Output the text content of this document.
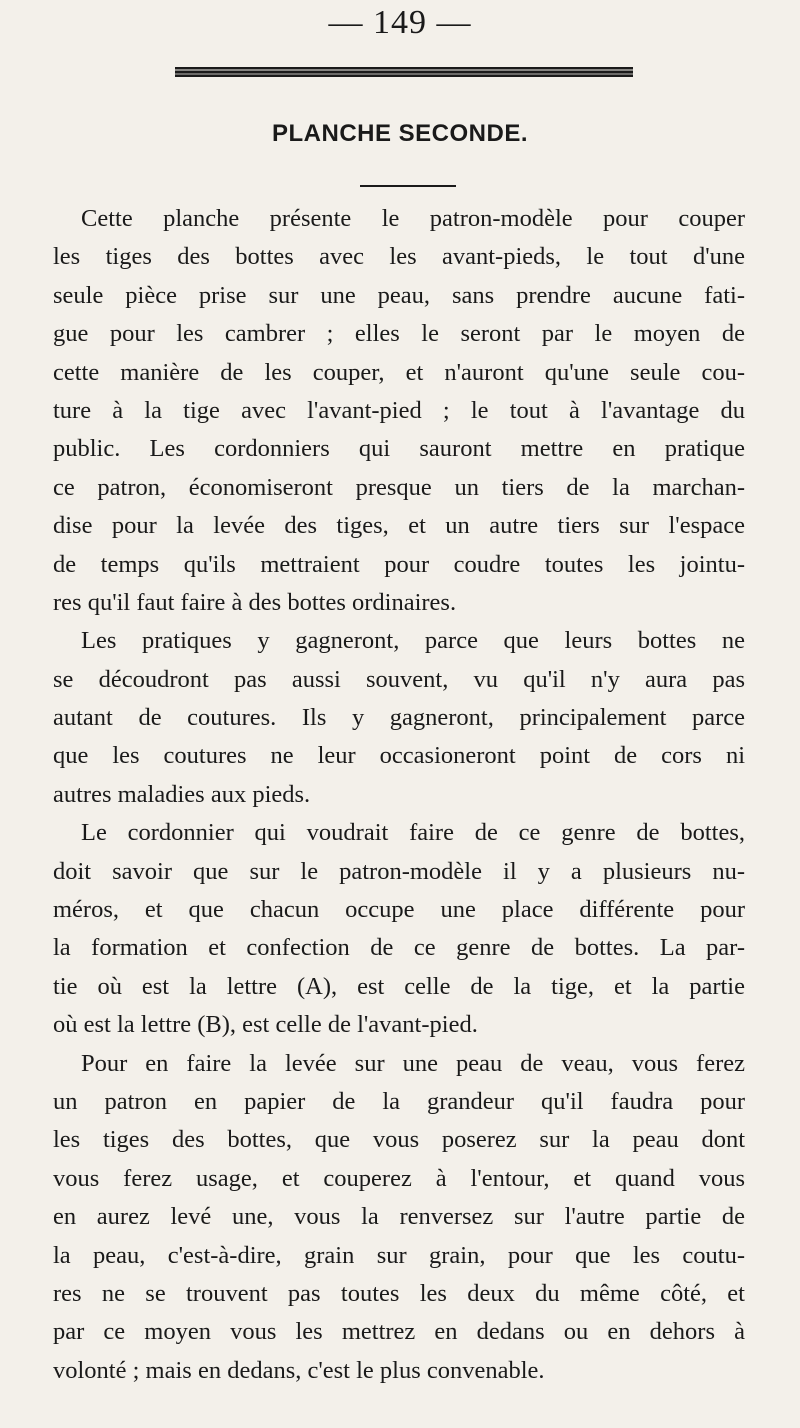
— 149 —
PLANCHE SECONDE.
Cette planche présente le patron-modèle pour couper
les tiges des bottes avec les avant-pieds, le tout d'une
seule pièce prise sur une peau, sans prendre aucune fati-
gue pour les cambrer ; elles le seront par le moyen de
cette manière de les couper, et n'auront qu'une seule cou-
ture à la tige avec l'avant-pied ; le tout à l'avantage du
public. Les cordonniers qui sauront mettre en pratique
ce patron, économiseront presque un tiers de la marchan-
dise pour la levée des tiges, et un autre tiers sur l'espace
de temps qu'ils mettraient pour coudre toutes les jointu-
res qu'il faut faire à des bottes ordinaires.
Les pratiques y gagneront, parce que leurs bottes ne
se découdront pas aussi souvent, vu qu'il n'y aura pas
autant de coutures. Ils y gagneront, principalement parce
que les coutures ne leur occasioneront point de cors ni
autres maladies aux pieds.
Le cordonnier qui voudrait faire de ce genre de bottes,
doit savoir que sur le patron-modèle il y a plusieurs nu-
méros, et que chacun occupe une place différente pour
la formation et confection de ce genre de bottes. La par-
tie où est la lettre (A), est celle de la tige, et la partie
où est la lettre (B), est celle de l'avant-pied.
Pour en faire la levée sur une peau de veau, vous ferez
un patron en papier de la grandeur qu'il faudra pour
les tiges des bottes, que vous poserez sur la peau dont
vous ferez usage, et couperez à l'entour, et quand vous
en aurez levé une, vous la renversez sur l'autre partie de
la peau, c'est-à-dire, grain sur grain, pour que les coutu-
res ne se trouvent pas toutes les deux du même côté, et
par ce moyen vous les mettrez en dedans ou en dehors à
volonté ; mais en dedans, c'est le plus convenable.
